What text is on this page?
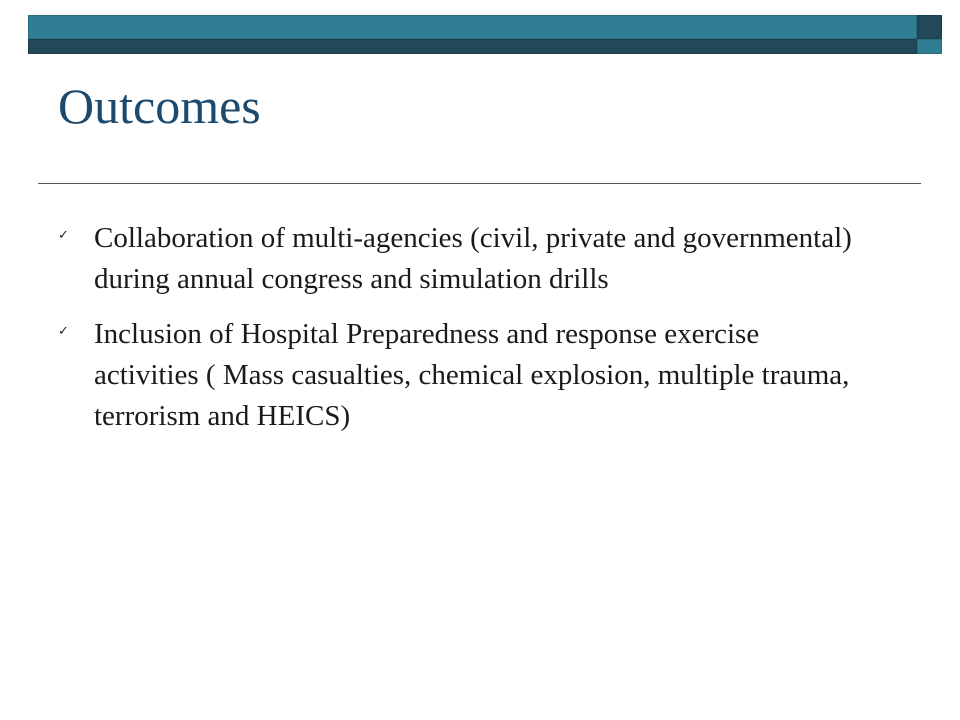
Outcomes
✓ Collaboration of multi-agencies (civil, private and governmental) during annual congress and simulation drills
✓ Inclusion of Hospital Preparedness and response exercise activities ( Mass casualties, chemical explosion, multiple trauma, terrorism and HEICS)
